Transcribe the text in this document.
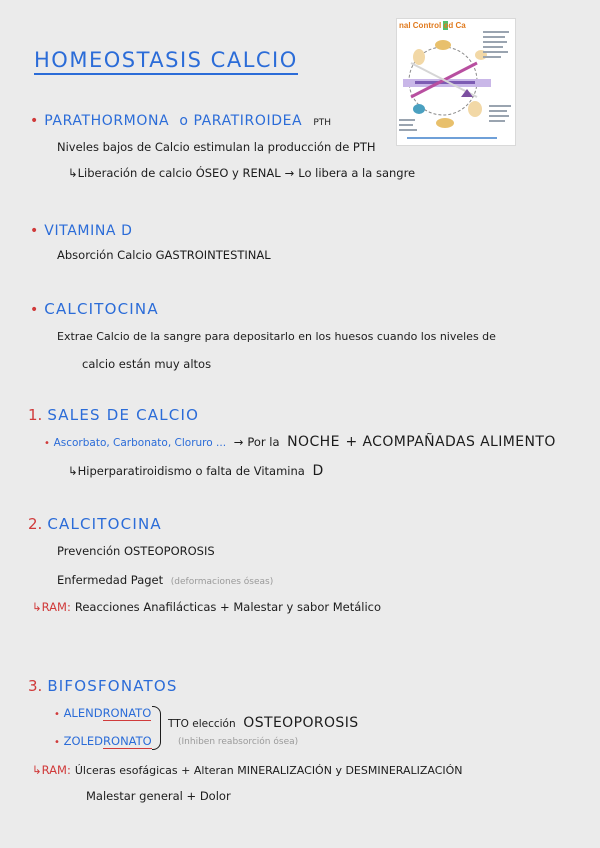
HOMEOSTASIS CALCIO
nal Control od Ca
• PARATHORMONA o PARATIROIDEA PTH
Niveles bajos de Calcio estimulan la producción de PTH
↳Liberación de calcio ÓSEO y RENAL → Lo libera a la sangre
• VITAMINA D
Absorción Calcio GASTROINTESTINAL
• CALCITOCINA
Extrae Calcio de la sangre para depositarlo en los huesos cuando los niveles de
calcio están muy altos
1. SALES DE CALCIO
• Ascorbato, Carbonato, Cloruro ... → Por la NOCHE + ACOMPAÑADAS ALIMENTO
↳Hiperparatiroidismo o falta de Vitamina D
2. CALCITOCINA
Prevención OSTEOPOROSIS
Enfermedad Paget (deformaciones óseas)
↳RAM: Reacciones Anafilácticas + Malestar y sabor Metálico
3. BIFOSFONATOS
• ALENDRONATO
• ZOLEDRONATO
TTO elección OSTEOPOROSIS
(Inhiben reabsorción ósea)
↳RAM: Úlceras esofágicas + Alteran MINERALIZACIÓN y DESMINERALIZACIÓN
Malestar general + Dolor
